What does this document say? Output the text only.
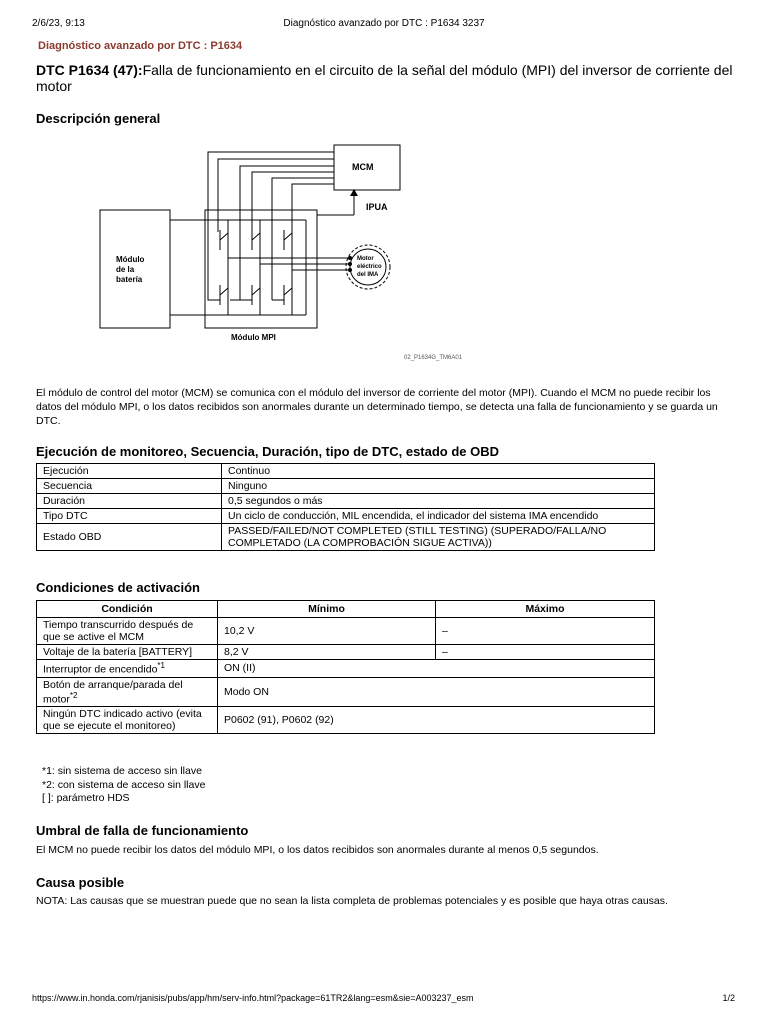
2/6/23, 9:13	Diagnóstico avanzado por DTC : P1634 3237
Diagnóstico avanzado por DTC : P1634
DTC P1634 (47):Falla de funcionamiento en el circuito de la señal del módulo (MPI) del inversor de corriente del motor
Descripción general
MCM
IPUA
Módulo
de la
batería
Motor
eléctrico
del IMA
Módulo MPI
02_P1634G_TM6A01
El módulo de control del motor (MCM) se comunica con el módulo del inversor de corriente del motor (MPI). Cuando el MCM no puede recibir los datos del módulo MPI, o los datos recibidos son anormales durante un determinado tiempo, se detecta una falla de funcionamiento y se guarda un DTC.
Ejecución de monitoreo, Secuencia, Duración, tipo de DTC, estado de OBD
Ejecución	Continuo
Secuencia	Ninguno
Duración	0,5 segundos o más
Tipo DTC	Un ciclo de conducción, MIL encendida, el indicador del sistema IMA encendido
Estado OBD	PASSED/FAILED/NOT COMPLETED (STILL TESTING) (SUPERADO/FALLA/NO COMPLETADO (LA COMPROBACIÓN SIGUE ACTIVA))
Condiciones de activación
Condición	Mínimo	Máximo
Tiempo transcurrido después de que se active el MCM	10,2 V	–
Voltaje de la batería [BATTERY]	8,2 V	–
Interruptor de encendido$^{*1}$	ON (II)	
Botón de arranque/parada del motor$^{*2}$	Modo ON	
Ningún DTC indicado activo (evita que se ejecute el monitoreo)	P0602 (91), P0602 (92)	
*1: sin sistema de acceso sin llave
*2: con sistema de acceso sin llave
[ ]: parámetro HDS
Umbral de falla de funcionamiento
El MCM no puede recibir los datos del módulo MPI, o los datos recibidos son anormales durante al menos 0,5 segundos.
Causa posible
NOTA: Las causas que se muestran puede que no sean la lista completa de problemas potenciales y es posible que haya otras causas.
https://www.in.honda.com/rjanisis/pubs/app/hm/serv-info.html?package=61TR2&lang=esm&sie=A003237_esm	1/2
